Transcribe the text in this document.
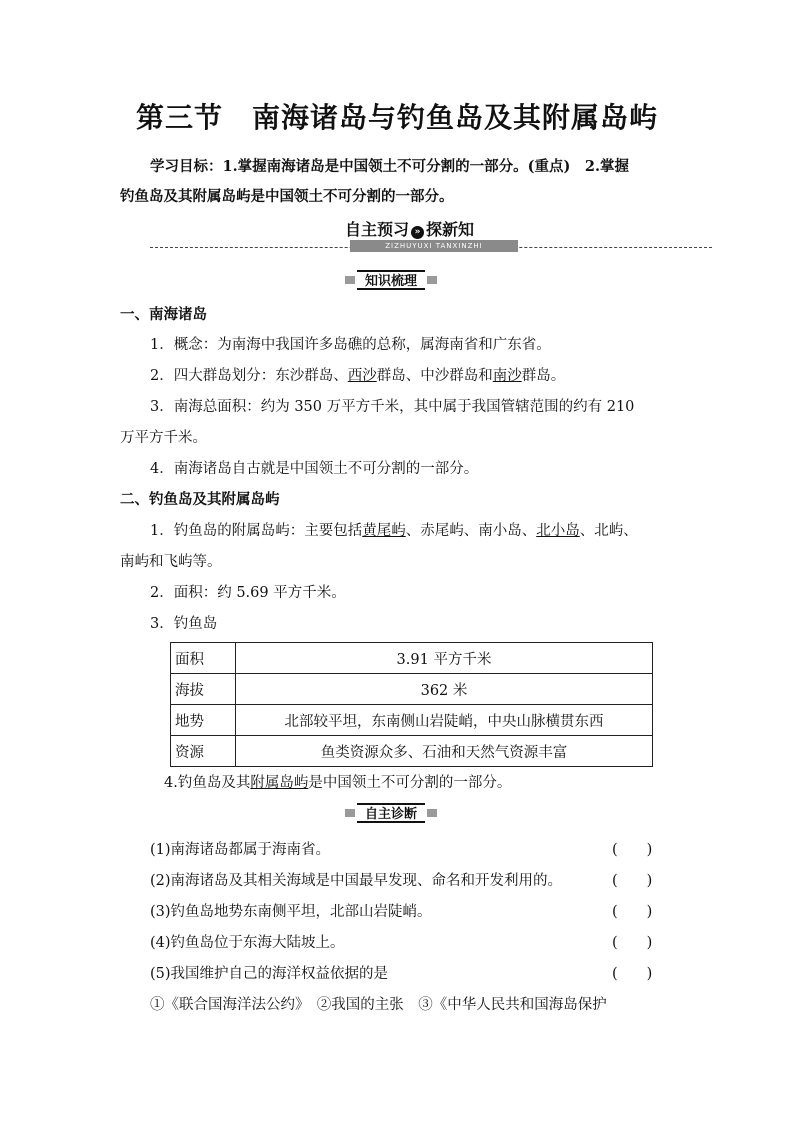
第三节　南海诸岛与钓鱼岛及其附属岛屿
学习目标：1.掌握南海诸岛是中国领土不可分割的一部分。(重点)　2.掌握
钓鱼岛及其附属岛屿是中国领土不可分割的一部分。
自主预习 » 探新知
ZIZHUYUXI TANXINZHI
知识梳理
一、南海诸岛
1．概念：为南海中我国许多岛礁的总称，属海南省和广东省。
2．四大群岛划分：东沙群岛、西沙群岛、中沙群岛和南沙群岛。
3．南海总面积：约为 350 万平方千米，其中属于我国管辖范围的约有 210
万平方千米。
4．南海诸岛自古就是中国领土不可分割的一部分。
二、钓鱼岛及其附属岛屿
1．钓鱼岛的附属岛屿：主要包括黄尾屿、赤尾屿、南小岛、北小岛、北屿、
南屿和飞屿等。
2．面积：约 5.69 平方千米。
3．钓鱼岛
面积	3.91 平方千米
海拔	362 米
地势	北部较平坦，东南侧山岩陡峭，中央山脉横贯东西
资源	鱼类资源众多、石油和天然气资源丰富
4.钓鱼岛及其附属岛屿是中国领土不可分割的一部分。
自主诊断
(1)南海诸岛都属于海南省。	(　　)
(2)南海诸岛及其相关海域是中国最早发现、命名和开发利用的。	(　　)
(3)钓鱼岛地势东南侧平坦，北部山岩陡峭。	(　　)
(4)钓鱼岛位于东海大陆坡上。	(　　)
(5)我国维护自己的海洋权益依据的是	(　　)
①《联合国海洋法公约》　②我国的主张　③《中华人民共和国海岛保护
